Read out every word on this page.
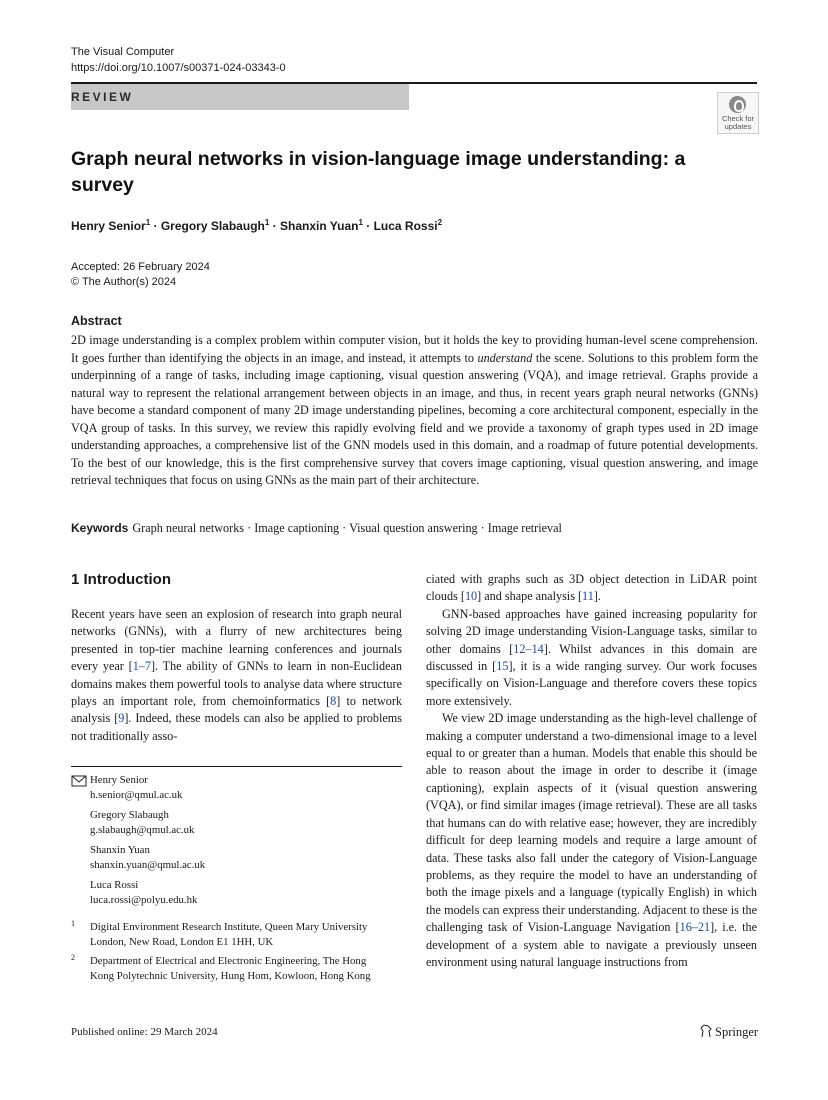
The Visual Computer
https://doi.org/10.1007/s00371-024-03343-0
REVIEW
Check for
updates
Graph neural networks in vision-language image understanding: a survey
Henry Senior$^1$ · Gregory Slabaugh$^1$ · Shanxin Yuan$^1$ · Luca Rossi$^2$
Accepted: 26 February 2024
© The Author(s) 2024
Abstract
2D image understanding is a complex problem within computer vision, but it holds the key to providing human-level scene comprehension. It goes further than identifying the objects in an image, and instead, it attempts to understand the scene. Solutions to this problem form the underpinning of a range of tasks, including image captioning, visual question answering (VQA), and image retrieval. Graphs provide a natural way to represent the relational arrangement between objects in an image, and thus, in recent years graph neural networks (GNNs) have become a standard component of many 2D image understanding pipelines, becoming a core architectural component, especially in the VQA group of tasks. In this survey, we review this rapidly evolving field and we provide a taxonomy of graph types used in 2D image understanding approaches, a comprehensive list of the GNN models used in this domain, and a roadmap of future potential developments. To the best of our knowledge, this is the first comprehensive survey that covers image captioning, visual question answering, and image retrieval techniques that focus on using GNNs as the main part of their architecture.
Keywords Graph neural networks · Image captioning · Visual question answering · Image retrieval
1 Introduction

Recent years have seen an explosion of research into graph neural networks (GNNs), with a flurry of new architectures being presented in top-tier machine learning conferences and journals every year [1–7]. The ability of GNNs to learn in non-Euclidean domains makes them powerful tools to analyse data where structure plays an important role, from chemoinformatics [8] to network analysis [9]. Indeed, these models can also be applied to problems not traditionally asso-

ciated with graphs such as 3D object detection in LiDAR point clouds [10] and shape analysis [11].

GNN-based approaches have gained increasing popularity for solving 2D image understanding Vision-Language tasks, similar to other domains [12–14]. Whilst advances in this domain are discussed in [15], it is a wide ranging survey. Our work focuses specifically on Vision-Language and therefore covers these topics more extensively.

We view 2D image understanding as the high-level challenge of making a computer understand a two-dimensional image to a level equal to or greater than a human. Models that enable this should be able to reason about the image in order to describe it (image captioning), explain aspects of it (visual question answering (VQA), or find similar images (image retrieval). These are all tasks that humans can do with relative ease; however, they are incredibly difficult for deep learning models and require a large amount of data. These tasks also fall under the category of Vision-Language problems, as they require the model to have an understanding of both the image pixels and a language (typically English) in which the models can express their understanding. Adjacent to these is the challenging task of Vision-Language Navigation [16–21], i.e. the development of a system able to navigate a previously unseen environment using natural language instructions from

Henry Senior
h.senior@qmul.ac.uk
Gregory Slabaugh
g.slabaugh@qmul.ac.uk
Shanxin Yuan
shanxin.yuan@qmul.ac.uk
Luca Rossi
luca.rossi@polyu.edu.hk
1 Digital Environment Research Institute, Queen Mary University London, New Road, London E1 1HH, UK
2 Department of Electrical and Electronic Engineering, The Hong Kong Polytechnic University, Hung Hom, Kowloon, Hong Kong
Published online: 29 March 2024	Springer
